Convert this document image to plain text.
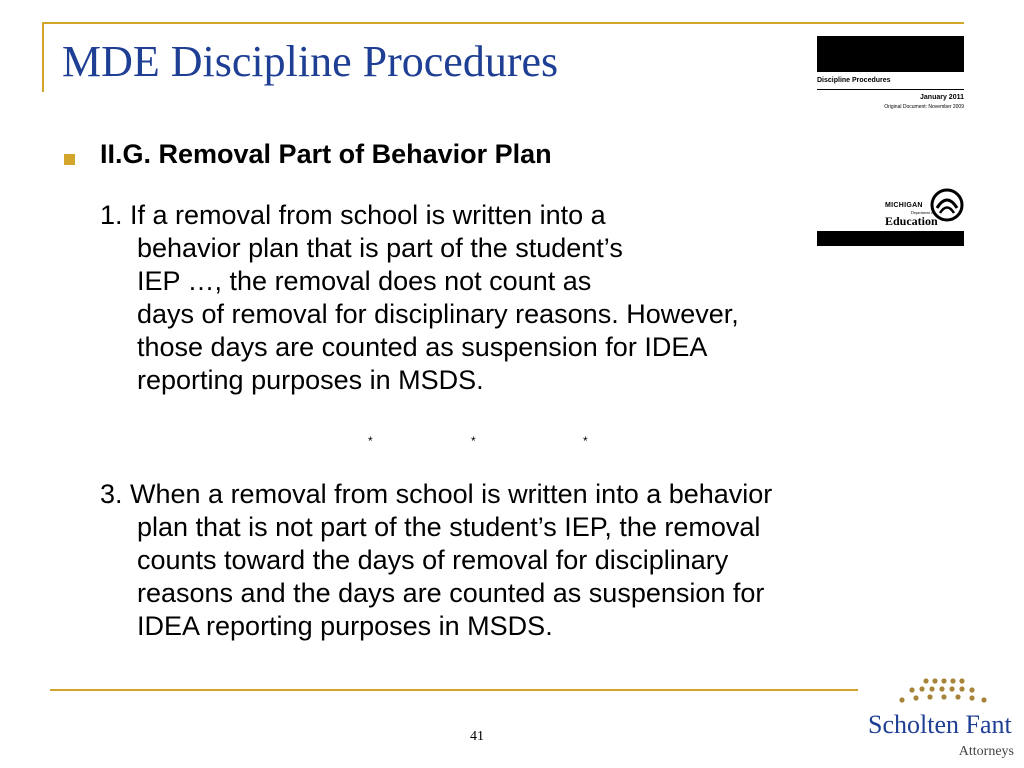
MDE Discipline Procedures	Discipline Procedures
January 2011
Original Document: November 2009
MICHIGAN
Department of
Education
II.G. Removal Part of Behavior Plan
1. If a removal from school is written into a
behavior plan that is part of the student’s
IEP …, the removal does not count as
days of removal for disciplinary reasons. However,
those days are counted as suspension for IDEA
reporting purposes in MSDS.
*	*	*
3. When a removal from school is written into a behavior
plan that is not part of the student’s IEP, the removal
counts toward the days of removal for disciplinary
reasons and the days are counted as suspension for
IDEA reporting purposes in MSDS.
41	Scholten Fant
Attorneys
